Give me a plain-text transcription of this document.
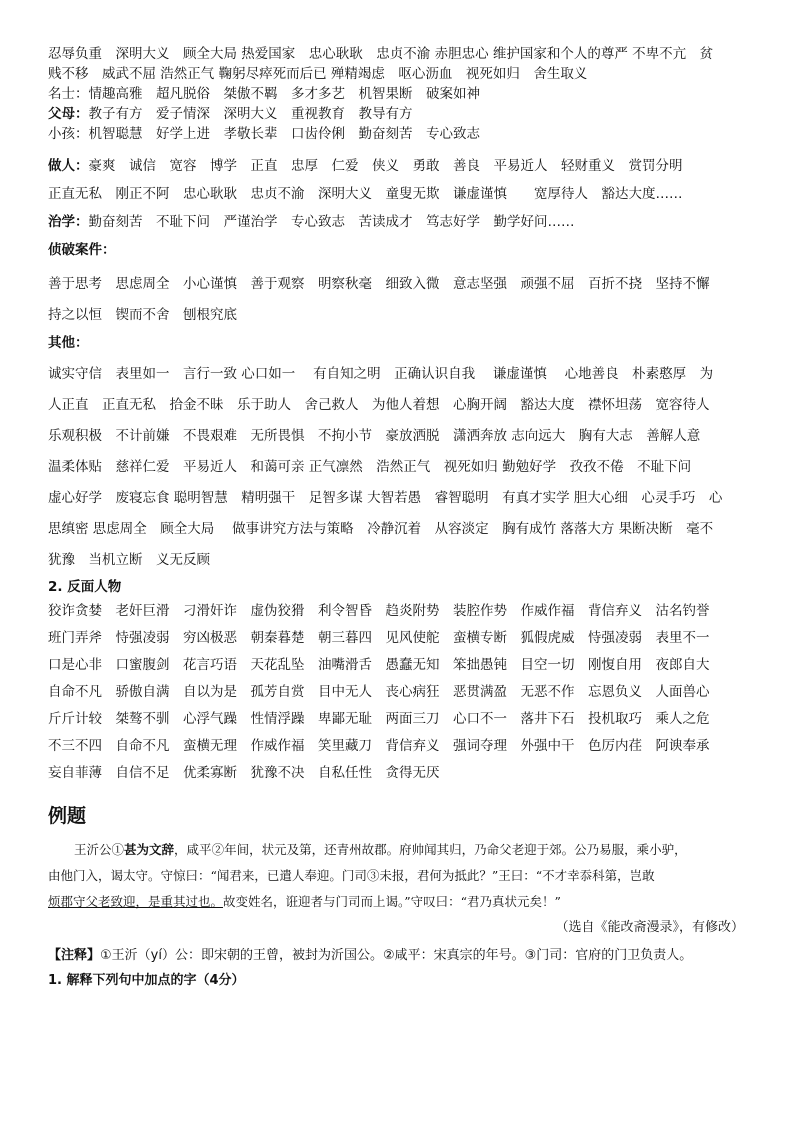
忍辱负重　深明大义　顾全大局 热爱国家　忠心耿耿　忠贞不渝 赤胆忠心 维护国家和个人的尊严 不卑不亢　贫
贱不移　威武不屈 浩然正气 鞠躬尽瘁死而后已 殚精竭虑　呕心沥血　视死如归　舍生取义
名士：情趣高雅　超凡脱俗　桀傲不羁　多才多艺　机智果断　破案如神
父母：教子有方　爱子情深　深明大义　重视教育　教导有方
小孩：机智聪慧　好学上进　孝敬长辈　口齿伶俐　勤奋刻苦　专心致志
做人：豪爽　诚信　宽容　博学　正直　忠厚　仁爱　侠义　勇敢　善良　平易近人　轻财重义　赏罚分明
正直无私　刚正不阿　忠心耿耿　忠贞不渝　深明大义　童叟无欺　谦虚谨慎　　宽厚待人　豁达大度……
治学：勤奋刻苦　不耻下问　严谨治学　专心致志　苦读成才　笃志好学　勤学好问……
侦破案件：
善于思考　思虑周全　小心谨慎　善于观察　明察秋毫　细致入微　意志坚强　顽强不屈　百折不挠　坚持不懈
持之以恒　锲而不舍　刨根究底
其他：
诚实守信　表里如一　言行一致 心口如一　 有自知之明　正确认识自我　 谦虚谨慎　 心地善良　朴素憨厚　为
人正直　正直无私　拾金不昧　乐于助人　舍己救人　为他人着想　心胸开阔　豁达大度　襟怀坦荡　宽容待人
乐观积极　不计前嫌　不畏艰难　无所畏惧　不拘小节　豪放洒脱　潇洒奔放 志向远大　胸有大志　善解人意
温柔体贴　慈祥仁爱　平易近人　和蔼可亲 正气凛然　浩然正气　视死如归 勤勉好学　孜孜不倦　不耻下问
虚心好学　废寝忘食 聪明智慧　精明强干　足智多谋 大智若愚　睿智聪明　有真才实学 胆大心细　心灵手巧　心
思缜密 思虑周全　顾全大局　 做事讲究方法与策略　冷静沉着　从容淡定　胸有成竹 落落大方 果断决断　毫不
犹豫　当机立断　义无反顾
2. 反面人物
狡诈贪婪　老奸巨滑　刁滑奸诈　虚伪狡猾　利令智昏　趋炎附势　装腔作势　作威作福　背信弃义　沽名钓誉
班门弄斧　恃强凌弱　穷凶极恶　朝秦暮楚　朝三暮四　见风使舵　蛮横专断　狐假虎威　恃强凌弱　表里不一
口是心非　口蜜腹剑　花言巧语　天花乱坠　油嘴滑舌　愚蠢无知　笨拙愚钝　目空一切　刚愎自用　夜郎自大
自命不凡　骄傲自满　自以为是　孤芳自赏　目中无人　丧心病狂　恶贯满盈　无恶不作　忘恩负义　人面兽心
斤斤计较　桀骜不驯　心浮气躁　性情浮躁　卑鄙无耻　两面三刀　心口不一　落井下石　投机取巧　乘人之危
不三不四　自命不凡　蛮横无理　作威作福　笑里藏刀　背信弃义　强词夺理　外强中干　色厉内荏　阿谀奉承
妄自菲薄　自信不足　优柔寡断　犹豫不决　自私任性　贪得无厌
例题
王沂公①甚为文辞，咸平②年间，状元及第，还青州故郡。府帅闻其归，乃命父老迎于郊。公乃易服，乘小驴，
由他门入，谒太守。守惊曰：“闻君来，已遣人奉迎。门司③未报，君何为抵此？”王曰：“不才幸忝科第，岂敢
烦郡守父老致迎，是重其过也。故变姓名，诳迎者与门司而上谒。”守叹曰：“君乃真状元矣！”
（选自《能改斋漫录》，有修改）
【注释】①王沂（yí）公：即宋朝的王曾，被封为沂国公。②咸平：宋真宗的年号。③门司：官府的门卫负责人。
1. 解释下列句中加点的字（4分）
